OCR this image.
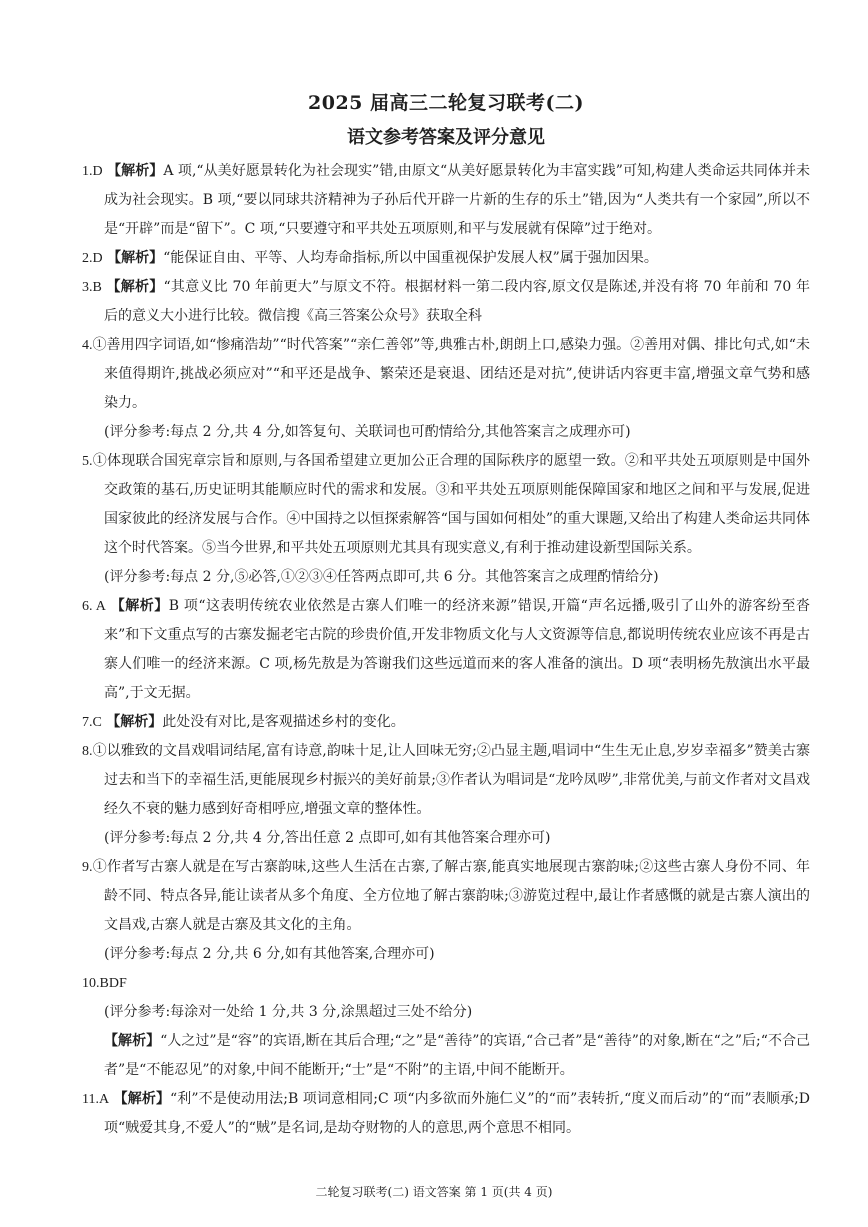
2025 届高三二轮复习联考(二)
语文参考答案及评分意见

1.D 【解析】A 项,“从美好愿景转化为社会现实”错,由原文“从美好愿景转化为丰富实践”可知,构建人类命运共同体并未成为社会现实。B 项,“要以同球共济精神为子孙后代开辟一片新的生存的乐土”错,因为“人类共有一个家园”,所以不是“开辟”而是“留下”。C 项,“只要遵守和平共处五项原则,和平与发展就有保障”过于绝对。

2.D 【解析】“能保证自由、平等、人均寿命指标,所以中国重视保护发展人权”属于强加因果。

3.B 【解析】“其意义比 70 年前更大”与原文不符。根据材料一第二段内容,原文仅是陈述,并没有将 70 年前和 70 年后的意义大小进行比较。微信搜《高三答案公众号》获取全科

4.①善用四字词语,如“惨痛浩劫”“时代答案”“亲仁善邻”等,典雅古朴,朗朗上口,感染力强。②善用对偶、排比句式,如“未来值得期许,挑战必须应对”“和平还是战争、繁荣还是衰退、团结还是对抗”,使讲话内容更丰富,增强文章气势和感染力。

(评分参考:每点 2 分,共 4 分,如答复句、关联词也可酌情给分,其他答案言之成理亦可)

5.①体现联合国宪章宗旨和原则,与各国希望建立更加公正合理的国际秩序的愿望一致。②和平共处五项原则是中国外交政策的基石,历史证明其能顺应时代的需求和发展。③和平共处五项原则能保障国家和地区之间和平与发展,促进国家彼此的经济发展与合作。④中国持之以恒探索解答“国与国如何相处”的重大课题,又给出了构建人类命运共同体这个时代答案。⑤当今世界,和平共处五项原则尤其具有现实意义,有利于推动建设新型国际关系。

(评分参考:每点 2 分,⑤必答,①②③④任答两点即可,共 6 分。其他答案言之成理酌情给分)

6. A 【解析】B 项“这表明传统农业依然是古寨人们唯一的经济来源”错误,开篇“声名远播,吸引了山外的游客纷至沓来”和下文重点写的古寨发掘老宅古院的珍贵价值,开发非物质文化与人文资源等信息,都说明传统农业应该不再是古寨人们唯一的经济来源。C 项,杨先敖是为答谢我们这些远道而来的客人准备的演出。D 项“表明杨先敖演出水平最高”,于文无据。

7.C 【解析】此处没有对比,是客观描述乡村的变化。

8.①以雅致的文昌戏唱词结尾,富有诗意,韵味十足,让人回味无穷;②凸显主题,唱词中“生生无止息,岁岁幸福多”赞美古寨过去和当下的幸福生活,更能展现乡村振兴的美好前景;③作者认为唱词是“龙吟凤哕”,非常优美,与前文作者对文昌戏经久不衰的魅力感到好奇相呼应,增强文章的整体性。

(评分参考:每点 2 分,共 4 分,答出任意 2 点即可,如有其他答案合理亦可)

9.①作者写古寨人就是在写古寨韵味,这些人生活在古寨,了解古寨,能真实地展现古寨韵味;②这些古寨人身份不同、年龄不同、特点各异,能让读者从多个角度、全方位地了解古寨韵味;③游览过程中,最让作者感慨的就是古寨人演出的文昌戏,古寨人就是古寨及其文化的主角。

(评分参考:每点 2 分,共 6 分,如有其他答案,合理亦可)

10.BDF

(评分参考:每涂对一处给 1 分,共 3 分,涂黑超过三处不给分)

【解析】“人之过”是“容”的宾语,断在其后合理;“之”是“善待”的宾语,“合己者”是“善待”的对象,断在“之”后;“不合己者”是“不能忍见”的对象,中间不能断开;“士”是“不附”的主语,中间不能断开。

11.A 【解析】“利”不是使动用法;B 项词意相同;C 项“内多欲而外施仁义”的“而”表转折,“度义而后动”的“而”表顺承;D 项“贼爱其身,不爱人”的“贼”是名词,是劫夺财物的人的意思,两个意思不相同。

二轮复习联考(二) 语文答案 第 1 页(共 4 页)
